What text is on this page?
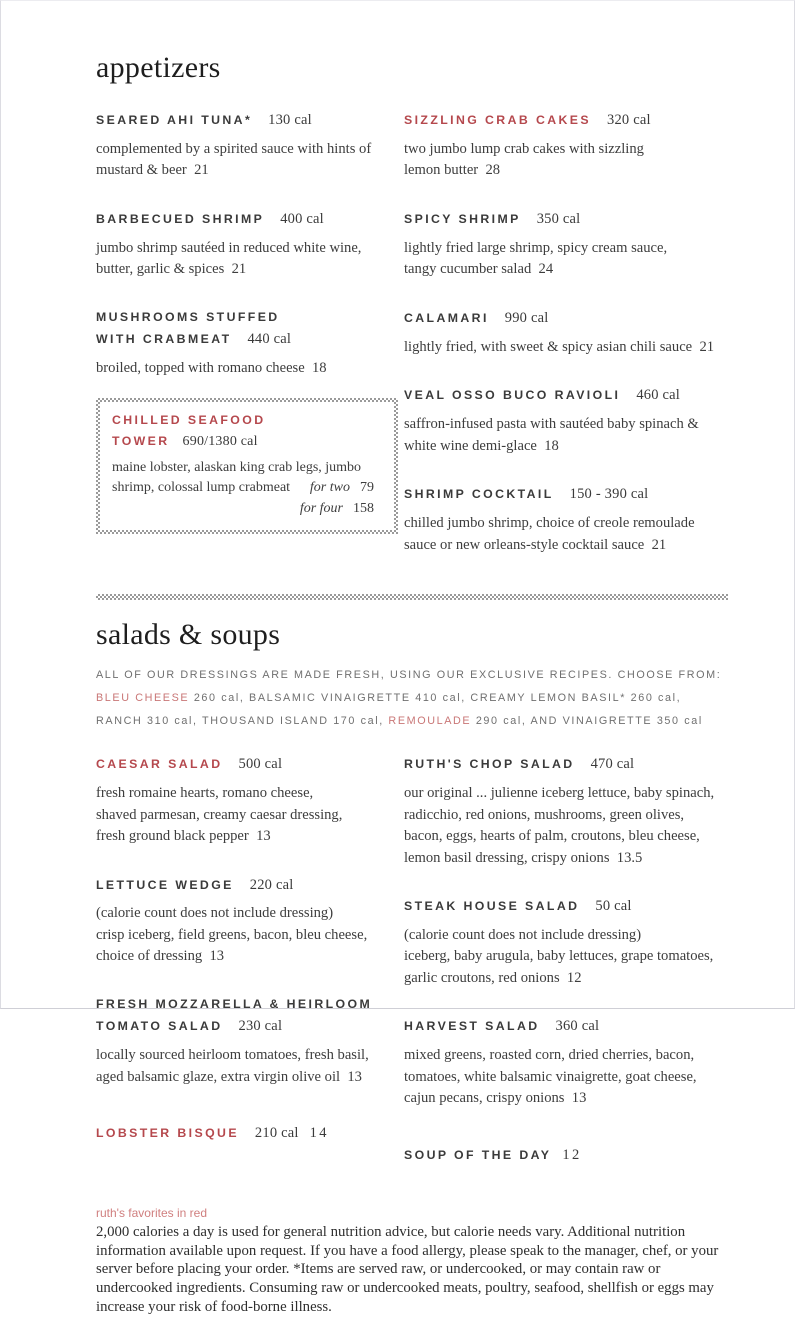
appetizers
SEARED AHI TUNA* 130 cal
complemented by a spirited sauce with hints of
mustard & beer  21
BARBECUED SHRIMP 400 cal
jumbo shrimp sautéed in reduced white wine,
butter, garlic & spices  21
MUSHROOMS STUFFED
WITH CRABMEAT 440 cal
broiled, topped with romano cheese  18
CHILLED SEAFOOD TOWER 690/1380 cal
maine lobster, alaskan king crab legs, jumbo
shrimp, colossal lump crabmeat for two 79
for four 158
SIZZLING CRAB CAKES 320 cal
two jumbo lump crab cakes with sizzling
lemon butter  28
SPICY SHRIMP 350 cal
lightly fried large shrimp, spicy cream sauce,
tangy cucumber salad  24
CALAMARI 990 cal
lightly fried, with sweet & spicy asian chili sauce  21
VEAL OSSO BUCO RAVIOLI 460 cal
saffron-infused pasta with sautéed baby spinach &
white wine demi-glace  18
SHRIMP COCKTAIL 150 - 390 cal
chilled jumbo shrimp, choice of creole remoulade
sauce or new orleans-style cocktail sauce  21
salads & soups

ALL OF OUR DRESSINGS ARE MADE FRESH, USING OUR EXCLUSIVE RECIPES. CHOOSE FROM: BLEU CHEESE 260 cal, BALSAMIC VINAIGRETTE 410 cal, CREAMY LEMON BASIL* 260 cal, RANCH 310 cal, THOUSAND ISLAND 170 cal, REMOULADE 290 cal, AND VINAIGRETTE 350 cal

CAESAR SALAD 500 cal
fresh romaine hearts, romano cheese,
shaved parmesan, creamy caesar dressing,
fresh ground black pepper  13
LETTUCE WEDGE 220 cal
(calorie count does not include dressing)
crisp iceberg, field greens, bacon, bleu cheese,
choice of dressing  13
FRESH MOZZARELLA & HEIRLOOM
TOMATO SALAD 230 cal
locally sourced heirloom tomatoes, fresh basil,
aged balsamic glaze, extra virgin olive oil  13
LOBSTER BISQUE 210 cal 14
RUTH'S CHOP SALAD 470 cal
our original ... julienne iceberg lettuce, baby spinach,
radicchio, red onions, mushrooms, green olives,
bacon, eggs, hearts of palm, croutons, bleu cheese,
lemon basil dressing, crispy onions  13.5
STEAK HOUSE SALAD 50 cal
(calorie count does not include dressing)
iceberg, baby arugula, baby lettuces, grape tomatoes,
garlic croutons, red onions  12
HARVEST SALAD 360 cal
mixed greens, roasted corn, dried cherries, bacon,
tomatoes, white balsamic vinaigrette, goat cheese,
cajun pecans, crispy onions  13
SOUP OF THE DAY 12

ruth's favorites in red

2,000 calories a day is used for general nutrition advice, but calorie needs vary. Additional nutrition information available upon request. If you have a food allergy, please speak to the manager, chef, or your server before placing your order. *Items are served raw, or undercooked, or may contain raw or undercooked ingredients. Consuming raw or undercooked meats, poultry, seafood, shellfish or eggs may increase your risk of food-borne illness.
